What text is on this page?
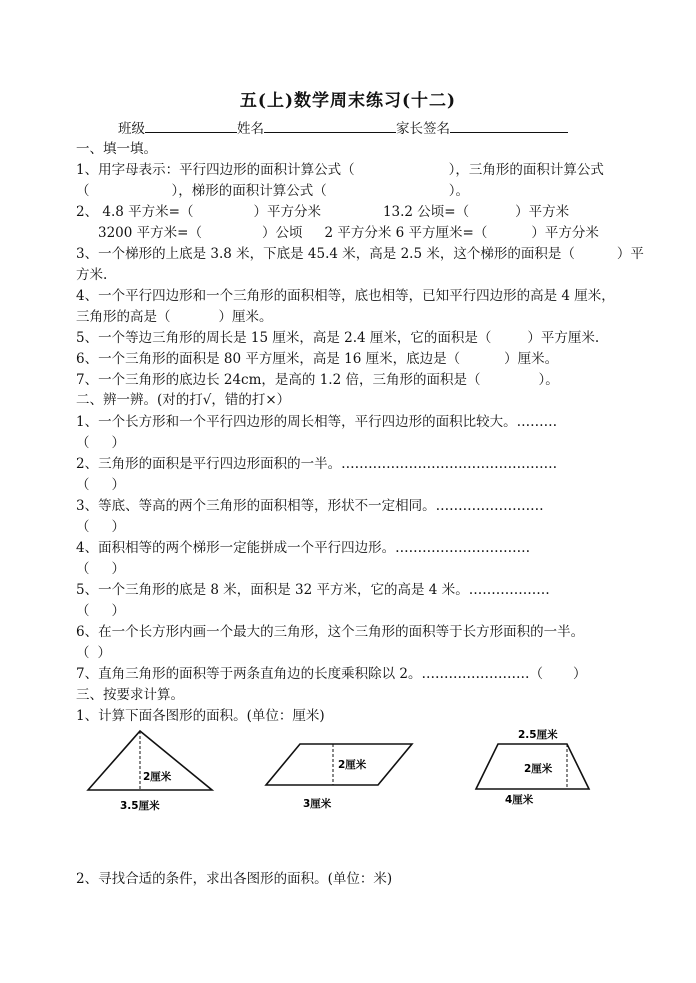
五(上)数学周末练习(十二)
班级	姓名	家长签名
一、填一填。
1、用字母表示：平行四边形的面积计算公式（	），三角形的面积计算公式
（	），梯形的面积计算公式（	）。
2、 4.8 平方米=（	）平方分米	13.2 公顷=（	）平方米
3200 平方米=（	）公顷 2 平方分米 6 平方厘米=（	）平方分米
3、一个梯形的上底是 3.8 米，下底是 45.4 米，高是 2.5 米，这个梯形的面积是（	）平
方米.
4、一个平行四边形和一个三角形的面积相等，底也相等，已知平行四边形的高是 4 厘米，
三角形的高是（	）厘米。
5、一个等边三角形的周长是 15 厘米，高是 2.4 厘米，它的面积是（	）平方厘米.
6、一个三角形的面积是 80 平方厘米，高是 16 厘米，底边是（	）厘米。
7、一个三角形的底边长 24cm，是高的 1.2 倍，三角形的面积是（	）。
二、辨一辨。(对的打√，错的打×）
1、一个长方形和一个平行四边形的周长相等，平行四边形的面积比较大。………
（ ）
2、三角形的面积是平行四边形面积的一半。…………………………………………
（ ）
3、等底、等高的两个三角形的面积相等，形状不一定相同。……………………
（ ）
4、面积相等的两个梯形一定能拼成一个平行四边形。…………………………
（ ）
5、一个三角形的底是 8 米，面积是 32 平方米，它的高是 4 米。………………
（ ）
6、在一个长方形内画一个最大的三角形，这个三角形的面积等于长方形面积的一半。
（ ）
7、直角三角形的面积等于两条直角边的长度乘积除以 2。……………………（ ）
三、按要求计算。
1、计算下面各图形的面积。(单位：厘米)
2厘米
3.5厘米
2厘米
3厘米
2.5厘米
2厘米
4厘米
2、寻找合适的条件，求出各图形的面积。(单位：米)
